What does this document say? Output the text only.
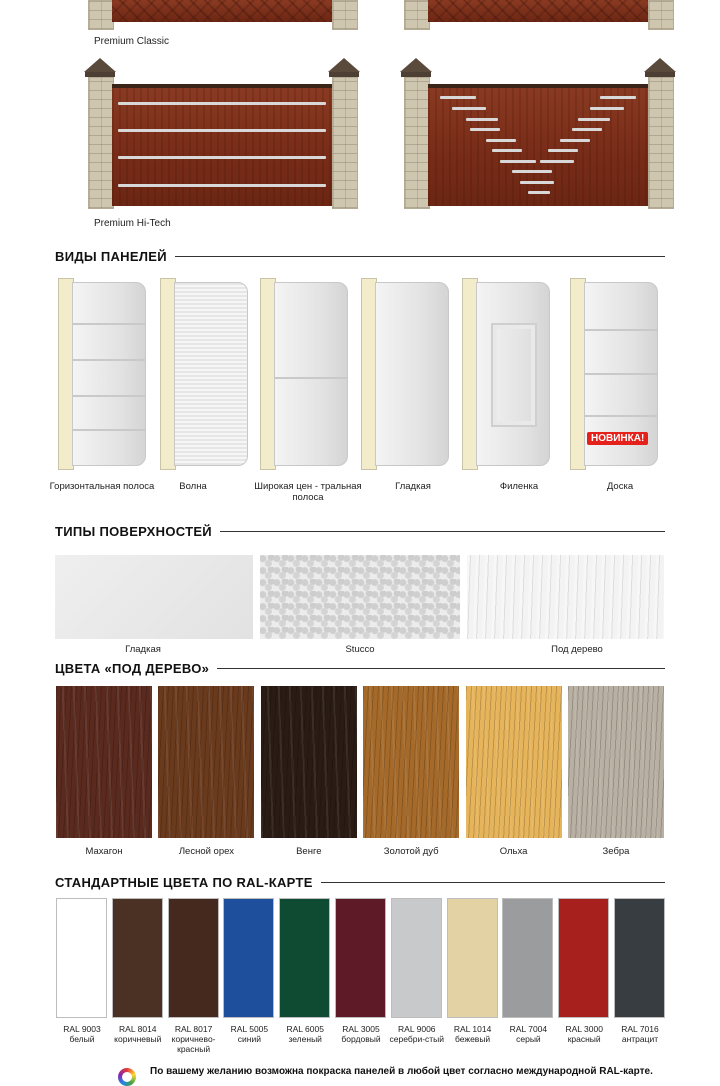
Premium Classic
Premium Hi-Tech
ВИДЫ ПАНЕЛЕЙ
НОВИНКА!
Горизонтальная полоса	Волна	Широкая цен - тральная полоса
Гладкая	Филенка	Доска
ТИПЫ ПОВЕРХНОСТЕЙ
Гладкая	Stucco	Под дерево
ЦВЕТА «ПОД ДЕРЕВО»
Махагон	Лесной орех	Венге	Золотой дуб	Ольха	Зебра
СТАНДАРТНЫЕ ЦВЕТА ПО RAL-КАРТЕ
RAL 9003
белый
RAL 8014
коричневый
RAL 8017
коричнево-красный
RAL 5005
синий
RAL 6005
зеленый
RAL 3005
бордовый
RAL 9006
серебри-стый
RAL 1014
бежевый
RAL 7004
серый
RAL 3000
красный
RAL 7016
антрацит
По вашему желанию возможна покраска панелей в любой цвет согласно международной RAL-карте.
